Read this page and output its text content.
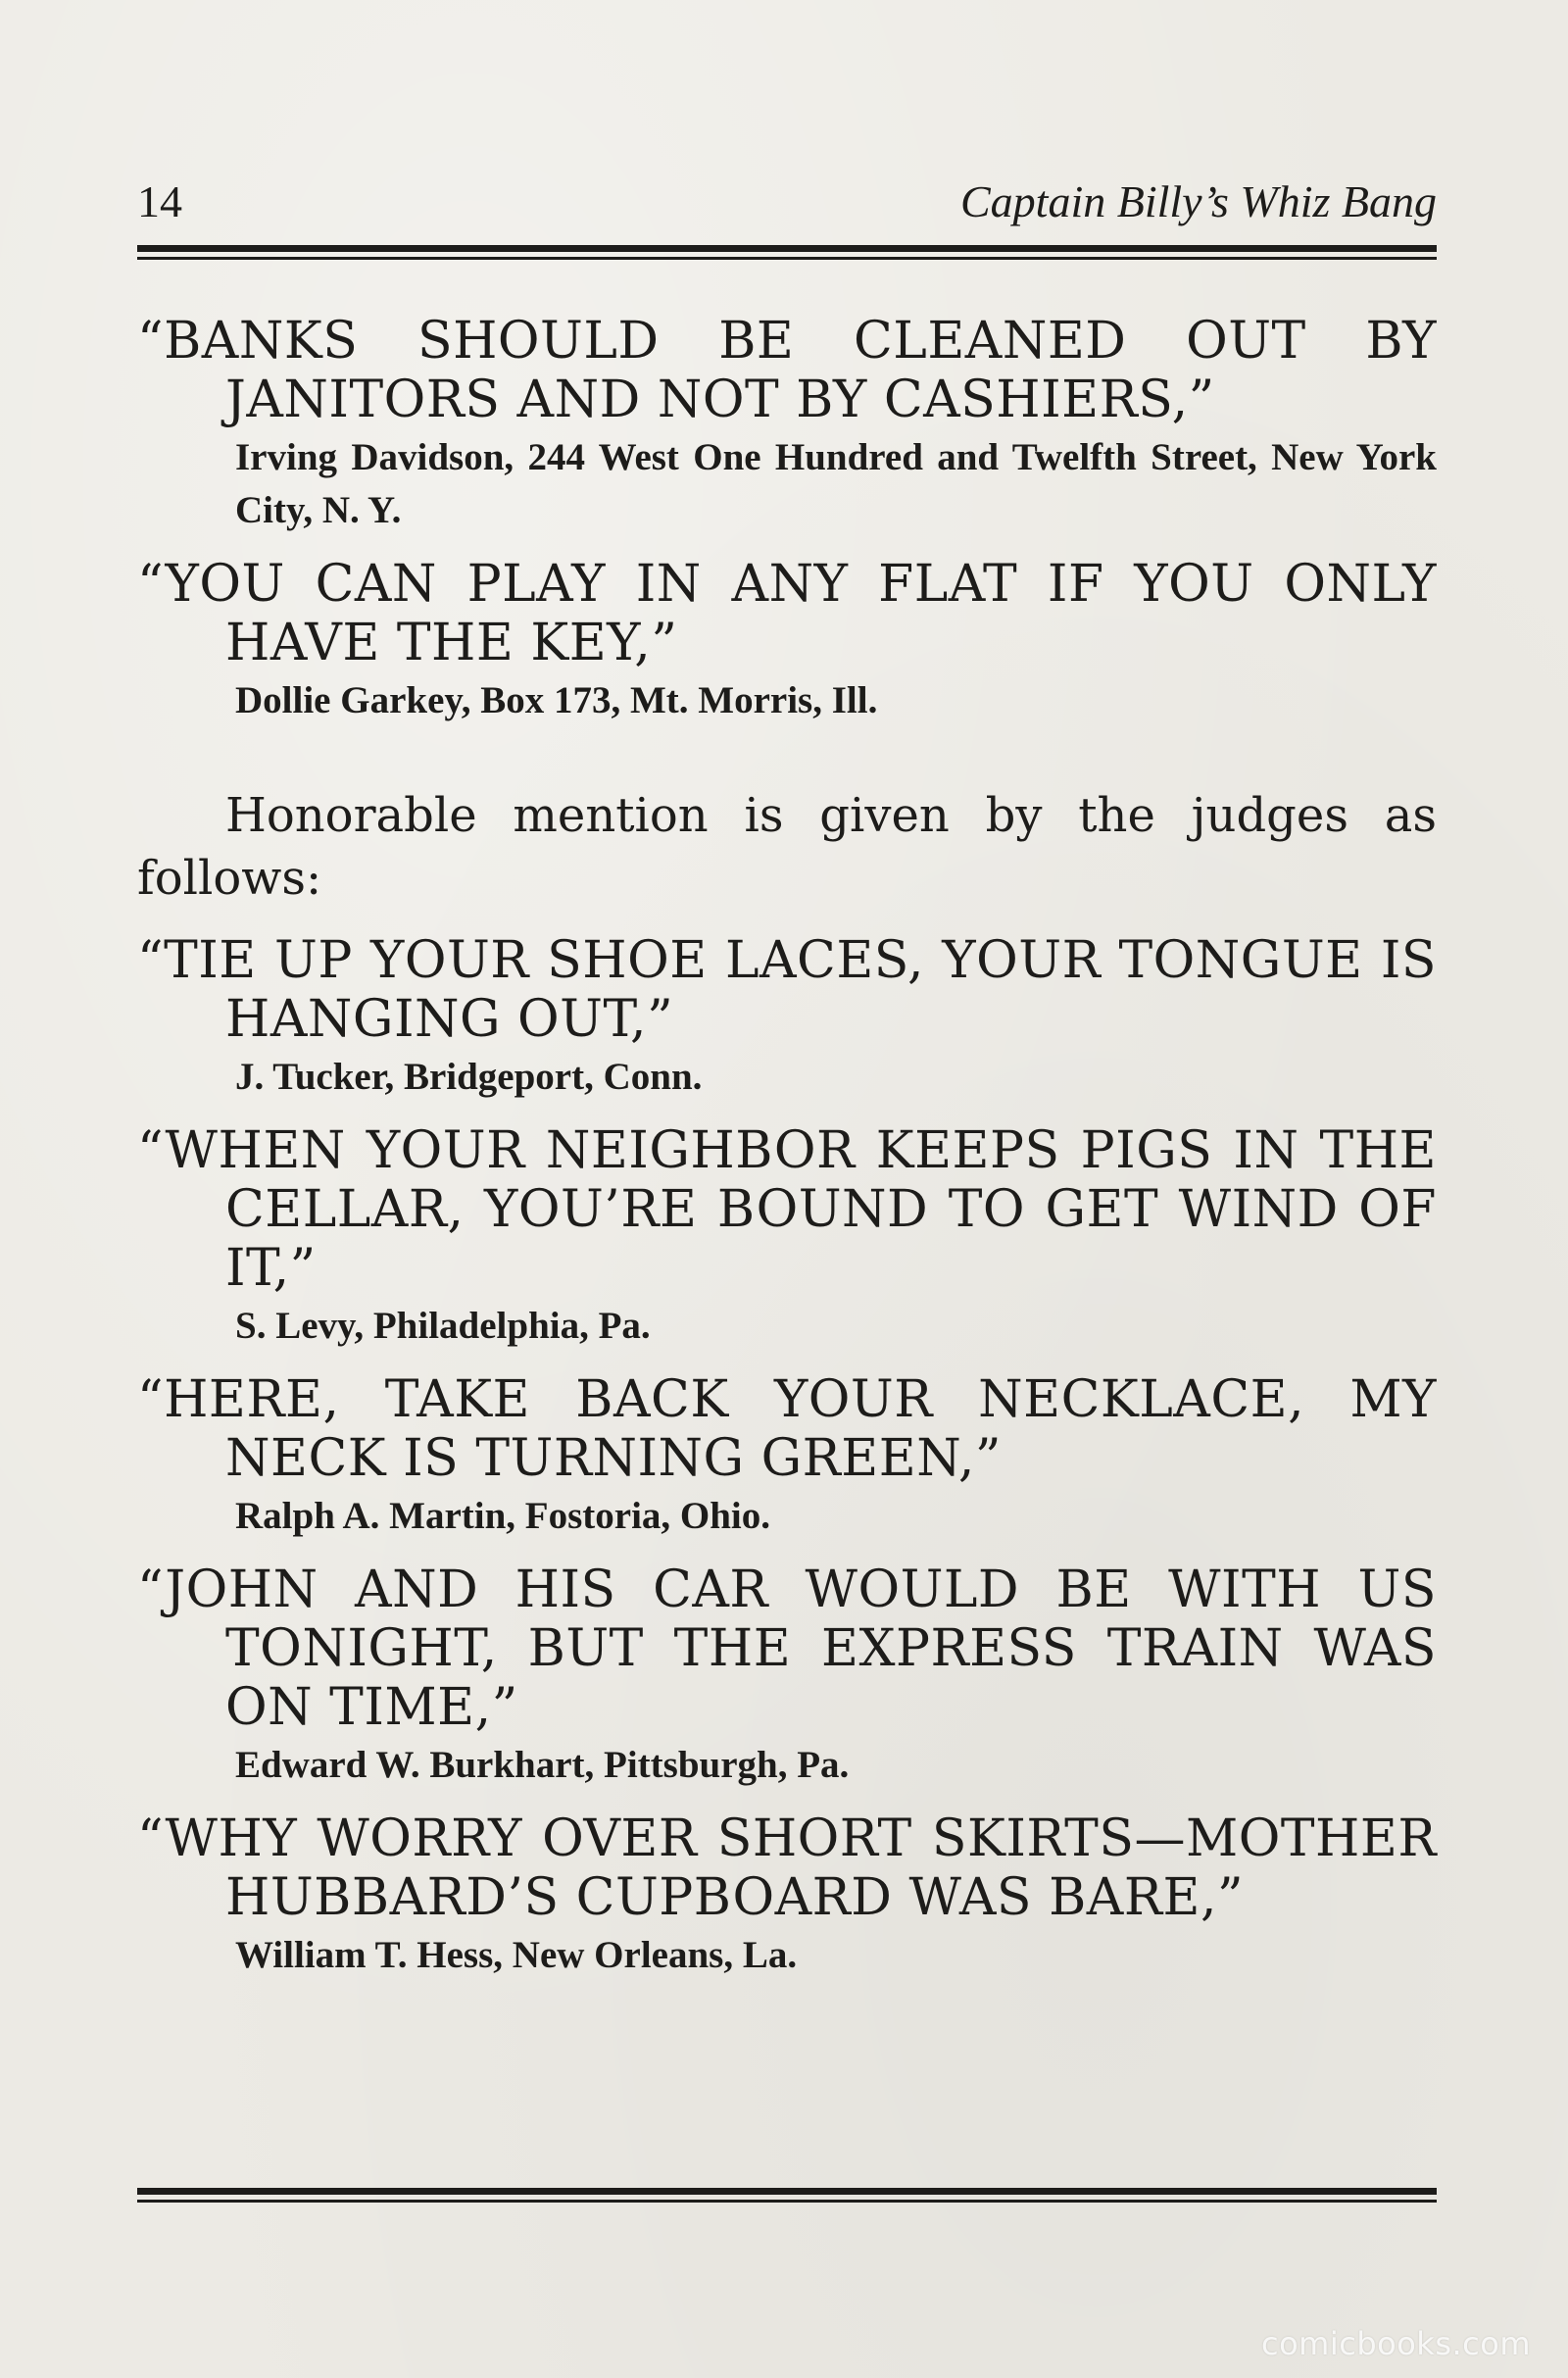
14	Captain Billy’s Whiz Bang

“BANKS SHOULD BE CLEANED OUT BY JANITORS AND NOT BY CASHIERS,”

Irving Davidson, 244 West One Hundred and Twelfth Street, New York City, N. Y.

“YOU CAN PLAY IN ANY FLAT IF YOU ONLY HAVE THE KEY,”

Dollie Garkey, Box 173, Mt. Morris, Ill.

Honorable mention is given by the judges as follows:

“TIE UP YOUR SHOE LACES, YOUR TONGUE IS HANGING OUT,”

J. Tucker, Bridgeport, Conn.

“WHEN YOUR NEIGHBOR KEEPS PIGS IN THE CELLAR, YOU’RE BOUND TO GET WIND OF IT,”

S. Levy, Philadelphia, Pa.

“HERE, TAKE BACK YOUR NECKLACE, MY NECK IS TURNING GREEN,”

Ralph A. Martin, Fostoria, Ohio.

“JOHN AND HIS CAR WOULD BE WITH US TONIGHT, BUT THE EXPRESS TRAIN WAS ON TIME,”

Edward W. Burkhart, Pittsburgh, Pa.

“WHY WORRY OVER SHORT SKIRTS—MOTHER HUBBARD’S CUPBOARD WAS BARE,”

William T. Hess, New Orleans, La.

comicbooks.com
